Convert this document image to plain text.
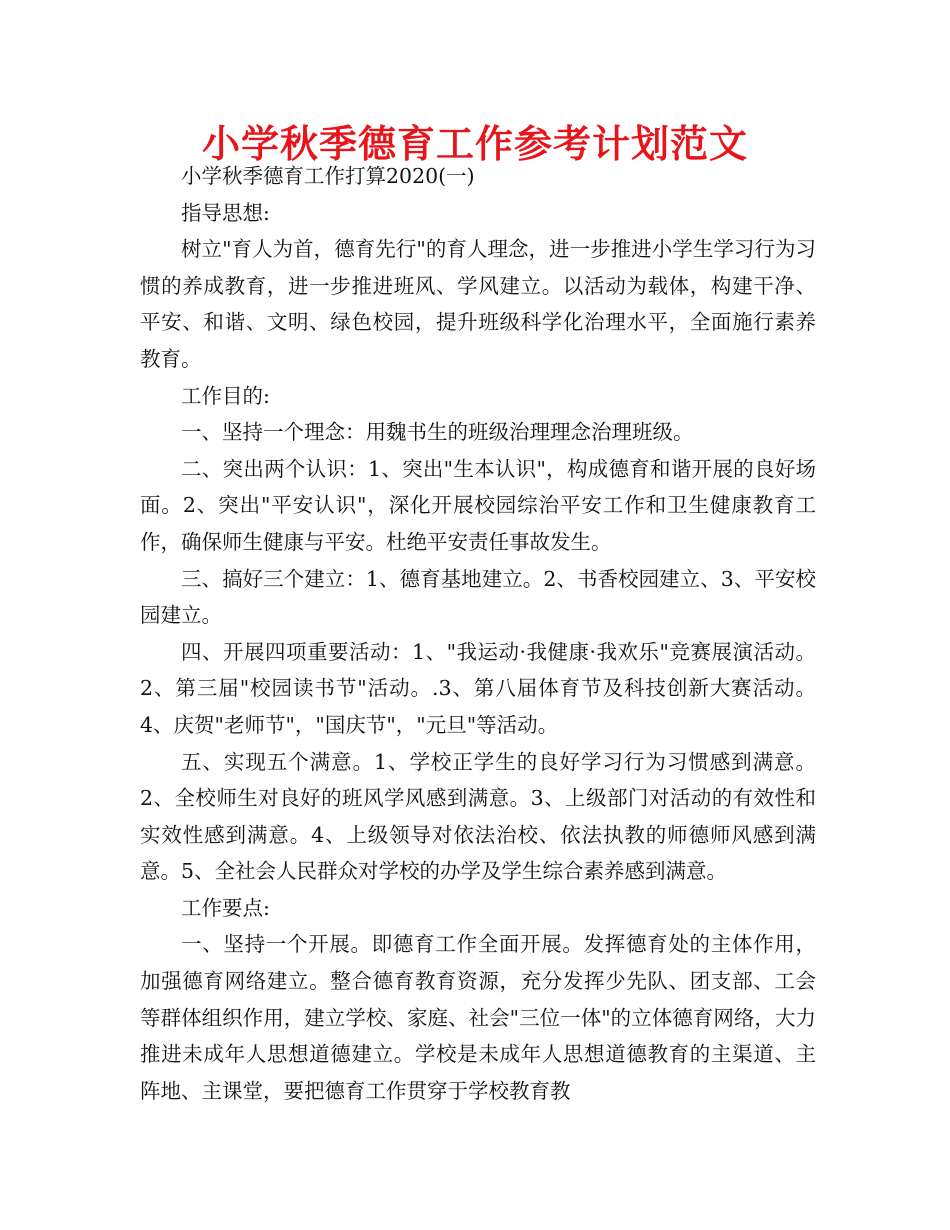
小学秋季德育工作参考计划范文

小学秋季德育工作打算2020(一)

指导思想:

树立"育人为首，德育先行"的育人理念，进一步推进小学生学习行为习惯的养成教育，进一步推进班风、学风建立。以活动为载体，构建干净、平安、和谐、文明、绿色校园，提升班级科学化治理水平，全面施行素养教育。

工作目的:

一、坚持一个理念：用魏书生的班级治理理念治理班级。

二、突出两个认识：1、突出"生本认识"，构成德育和谐开展的良好场面。2、突出"平安认识"，深化开展校园综治平安工作和卫生健康教育工作，确保师生健康与平安。杜绝平安责任事故发生。

三、搞好三个建立：1、德育基地建立。2、书香校园建立、3、平安校园建立。

四、开展四项重要活动：1、"我运动·我健康·我欢乐"竞赛展演活动。2、第三届"校园读书节"活动。.3、第八届体育节及科技创新大赛活动。4、庆贺"老师节"，"国庆节"，"元旦"等活动。

五、实现五个满意。1、学校正学生的良好学习行为习惯感到满意。2、全校师生对良好的班风学风感到满意。3、上级部门对活动的有效性和实效性感到满意。4、上级领导对依法治校、依法执教的师德师风感到满意。5、全社会人民群众对学校的办学及学生综合素养感到满意。

工作要点:

一、坚持一个开展。即德育工作全面开展。发挥德育处的主体作用，加强德育网络建立。整合德育教育资源，充分发挥少先队、团支部、工会等群体组织作用，建立学校、家庭、社会"三位一体"的立体德育网络，大力推进未成年人思想道德建立。学校是未成年人思想道德教育的主渠道、主阵地、主课堂，要把德育工作贯穿于学校教育教
